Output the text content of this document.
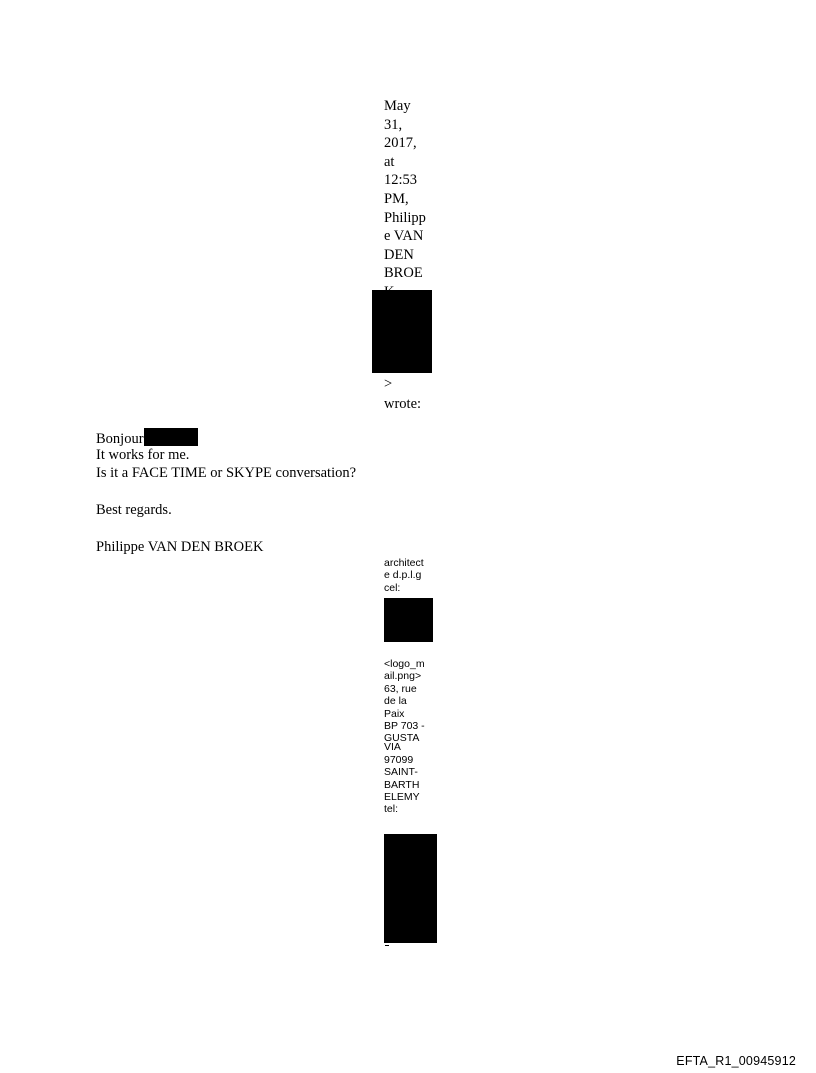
May
31,
2017,
at
12:53
PM,
Philipp
e VAN
DEN
BROE
>
wrote:
Bonjour
It works for me.
Is it a FACE TIME or SKYPE conversation?
Best regards.
Philippe VAN DEN BROEK
architect
e d.p.l.g
cel:
<logo_m
ail.png>
63, rue
de la
Paix
BP 703 -
GUSTA
VIA
97099
SAINT-
BARTH
ELEMY
tel:
EFTA_R1_00945912
